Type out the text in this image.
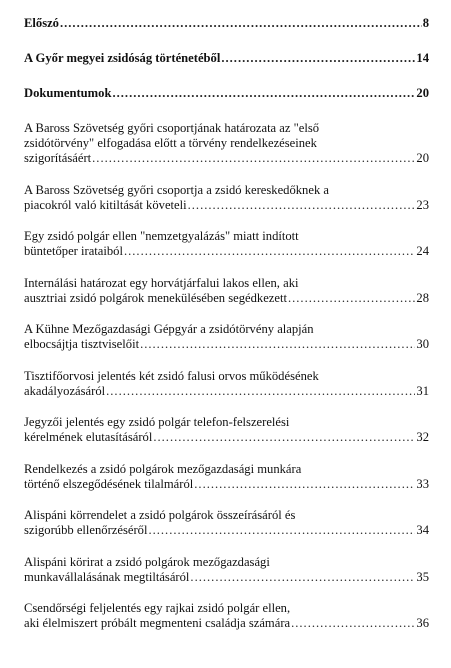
Előszó .....	8
A Győr megyei zsidóság történetéből .....	14
Dokumentumok .....	20
A Baross Szövetség győri csoportjának határozata az "első
zsidótörvény" elfogadása előtt a törvény rendelkezéseinek
szigorításáért .....	20
A Baross Szövetség győri csoportja a zsidó kereskedőknek a
piacokról való kitiltását követeli .....	23
Egy zsidó polgár ellen "nemzetgyalázás" miatt indított
büntetőper irataiból .....	24
Internálási határozat egy horvátjárfalui lakos ellen, aki
ausztriai zsidó polgárok menekülésében segédkezett .....	28
A Kühne Mezőgazdasági Gépgyár a zsidótörvény alapján
elbocsájtja tisztviselőit .....	30
Tisztifőorvosi jelentés két zsidó falusi orvos működésének
akadályozásáról .....	31
Jegyzői jelentés egy zsidó polgár telefon-felszerelési
kérelmének elutasításáról .....	32
Rendelkezés a zsidó polgárok mezőgazdasági munkára
történő elszegődésének tilalmáról .....	33
Alispáni körrendelet a zsidó polgárok összeírásáról és
szigorúbb ellenőrzéséről .....	34
Alispáni körirat a zsidó polgárok mezőgazdasági
munkavállalásának megtiltásáról .....	35
Csendőrségi feljelentés egy rajkai zsidó polgár ellen,
aki élelmiszert próbált megmenteni családja számára .....	36
